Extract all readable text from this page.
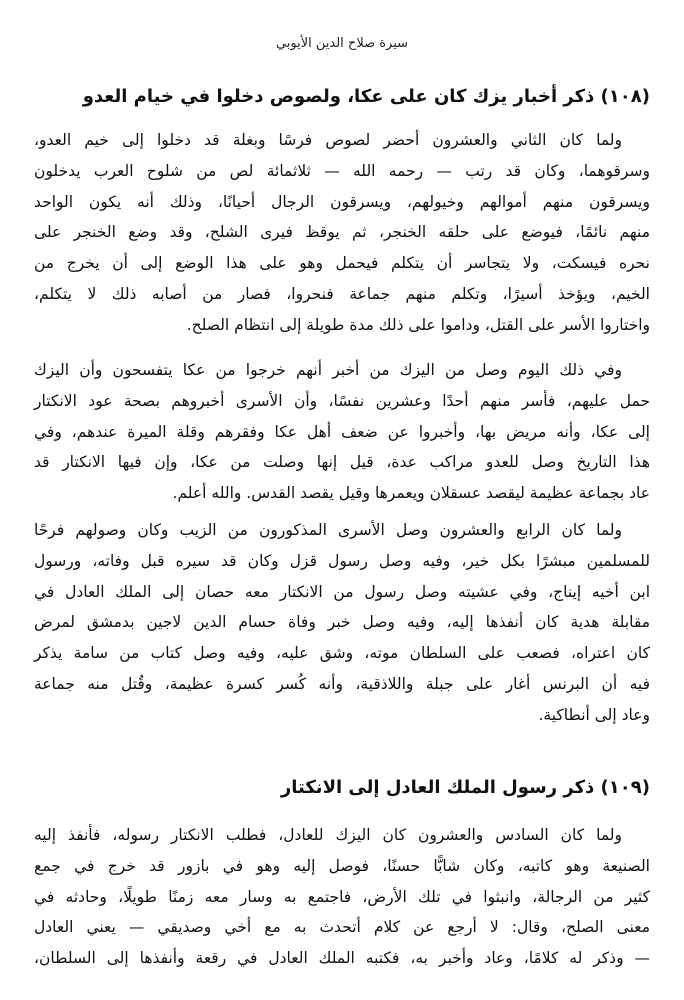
سيرة صلاح الدين الأيوبي
(١٠٨) ذكر أخبار يزك كان على عكا، ولصوص دخلوا في خيام العدو

ولما كان الثاني والعشرون أحضر لصوص فرسًا وبغلة قد دخلوا إلى خيم العدو،
وسرقوهما، وكان قد رتب — رحمه الله — ثلاثمائة لص من شلوح العرب يدخلون
ويسرقون منهم أموالهم وخيولهم، ويسرقون الرجال أحيانًا، وذلك أنه يكون الواحد
منهم نائمًا، فيوضع على حلقه الخنجر، ثم يوقظ فيرى الشلح، وقد وضع الخنجر على
نحره فيسكت، ولا يتجاسر أن يتكلم فيحمل وهو على هذا الوضع إلى أن يخرج من
الخيم، ويؤخذ أسيرًا، وتكلم منهم جماعة فنحروا، فصار من أصابه ذلك لا يتكلم،
واختاروا الأسر على القتل، وداموا على ذلك مدة طويلة إلى انتظام الصلح.

وفي ذلك اليوم وصل من اليزك من أخبر أنهم خرجوا من عكا يتفسحون وأن اليزك
حمل عليهم، فأسر منهم أحدًا وعشرين نفسًا، وأن الأسرى أخبروهم بصحة عود الانكتار
إلى عكا، وأنه مريض بها، وأخبروا عن ضعف أهل عكا وفقرهم وقلة الميرة عندهم، وفي
هذا التاريخ وصل للعدو مراكب عدة، قيل إنها وصلت من عكا، وإن فيها الانكتار قد
عاد بجماعة عظيمة ليقصد عسقلان ويعمرها وقيل يقصد القدس. والله أعلم.

ولما كان الرابع والعشرون وصل الأسرى المذكورون من الزيب وكان وصولهم فرحًا
للمسلمين مبشرًا بكل خير، وفيه وصل رسول قزل وكان قد سيره قبل وفاته، ورسول
ابن أخيه إيناج، وفي عشيته وصل رسول من الانكتار معه حصان إلى الملك العادل في
مقابلة هدية كان أنفذها إليه، وفيه وصل خبر وفاة حسام الدين لاجين بدمشق لمرض
كان اعتراه، فصعب على السلطان موته، وشق عليه، وفيه وصل كتاب من سامة يذكر
فيه أن البرنس أغار على جبلة واللاذقية، وأنه كُسر كسرة عظيمة، وقُتل منه جماعة
وعاد إلى أنطاكية.

(١٠٩) ذكر رسول الملك العادل إلى الانكتار

ولما كان السادس والعشرون كان اليزك للعادل، فطلب الانكتار رسوله، فأنفذ إليه
الصنيعة وهو كاتبه، وكان شابًّا حسنًا، فوصل إليه وهو في بازور قد خرج في جمع
كثير من الرجالة، وانبثوا في تلك الأرض، فاجتمع به وسار معه زمنًا طويلًا، وحادثه في
معنى الصلح، وقال: لا أرجع عن كلام أتحدث به مع أخي وصديقي — يعني العادل
— وذكر له كلامًا، وعاد وأخبر به، فكتبه الملك العادل في رقعة وأنفذها إلى السلطان،
